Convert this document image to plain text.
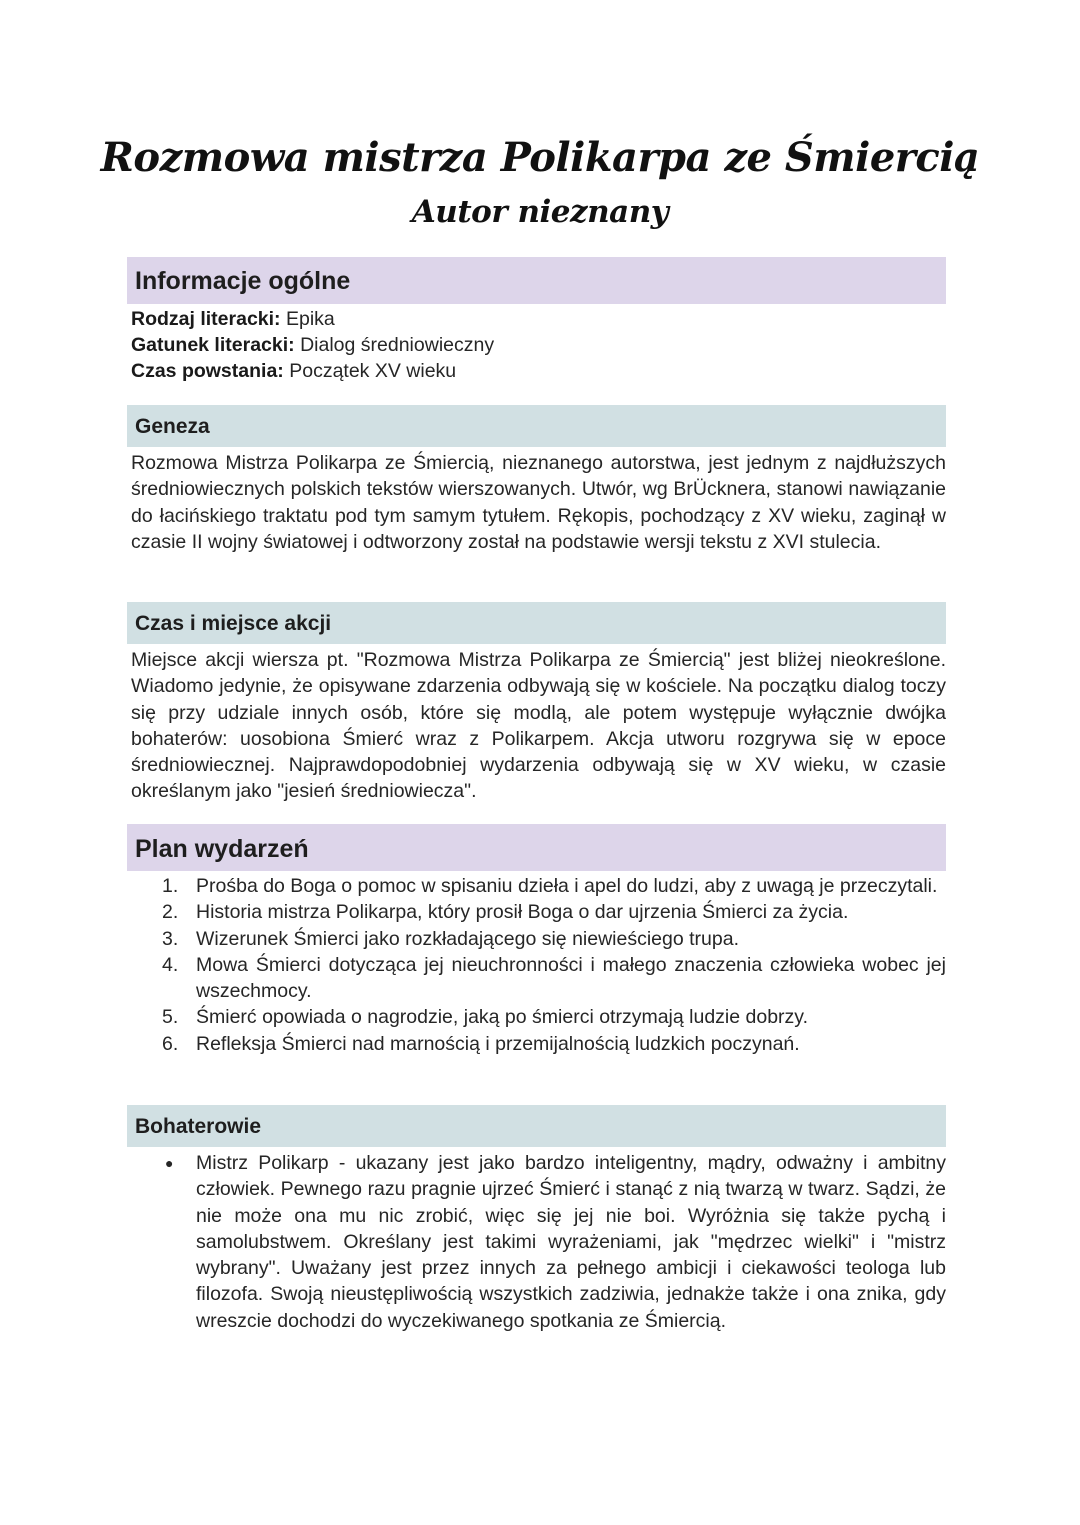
Rozmowa mistrza Polikarpa ze Śmiercią
Autor nieznany
Informacje ogólne
Rodzaj literacki: Epika
Gatunek literacki: Dialog średniowieczny
Czas powstania: Początek XV wieku
Geneza

Rozmowa Mistrza Polikarpa ze Śmiercią, nieznanego autorstwa, jest jednym z najdłuższych średniowiecznych polskich tekstów wierszowanych. Utwór, wg BrÜcknera, stanowi nawiązanie do łacińskiego traktatu pod tym samym tytułem. Rękopis, pochodzący z XV wieku, zaginął w czasie II wojny światowej i odtworzony został na podstawie wersji tekstu z XVI stulecia.

Czas i miejsce akcji

Miejsce akcji wiersza pt. "Rozmowa Mistrza Polikarpa ze Śmiercią" jest bliżej nieokreślone. Wiadomo jedynie, że opisywane zdarzenia odbywają się w kościele. Na początku dialog toczy się przy udziale innych osób, które się modlą, ale potem występuje wyłącznie dwójka bohaterów: uosobiona Śmierć wraz z Polikarpem. Akcja utworu rozgrywa się w epoce średniowiecznej. Najprawdopodobniej wydarzenia odbywają się w XV wieku, w czasie określanym jako "jesień średniowiecza".

Plan wydarzeń
1. Prośba do Boga o pomoc w spisaniu dzieła i apel do ludzi, aby z uwagą je przeczytali.
2. Historia mistrza Polikarpa, który prosił Boga o dar ujrzenia Śmierci za życia.
3. Wizerunek Śmierci jako rozkładającego się niewieściego trupa.
4. Mowa Śmierci dotycząca jej nieuchronności i małego znaczenia człowieka wobec jej wszechmocy.
5. Śmierć opowiada o nagrodzie, jaką po śmierci otrzymają ludzie dobrzy.
6. Refleksja Śmierci nad marnością i przemijalnością ludzkich poczynań.
Bohaterowie
● Mistrz Polikarp - ukazany jest jako bardzo inteligentny, mądry, odważny i ambitny człowiek. Pewnego razu pragnie ujrzeć Śmierć i stanąć z nią twarzą w twarz. Sądzi, że nie może ona mu nic zrobić, więc się jej nie boi. Wyróżnia się także pychą i samolubstwem. Określany jest takimi wyrażeniami, jak "mędrzec wielki" i "mistrz wybrany". Uważany jest przez innych za pełnego ambicji i ciekawości teologa lub filozofa. Swoją nieustępliwością wszystkich zadziwia, jednakże także i ona znika, gdy wreszcie dochodzi do wyczekiwanego spotkania ze Śmiercią.
